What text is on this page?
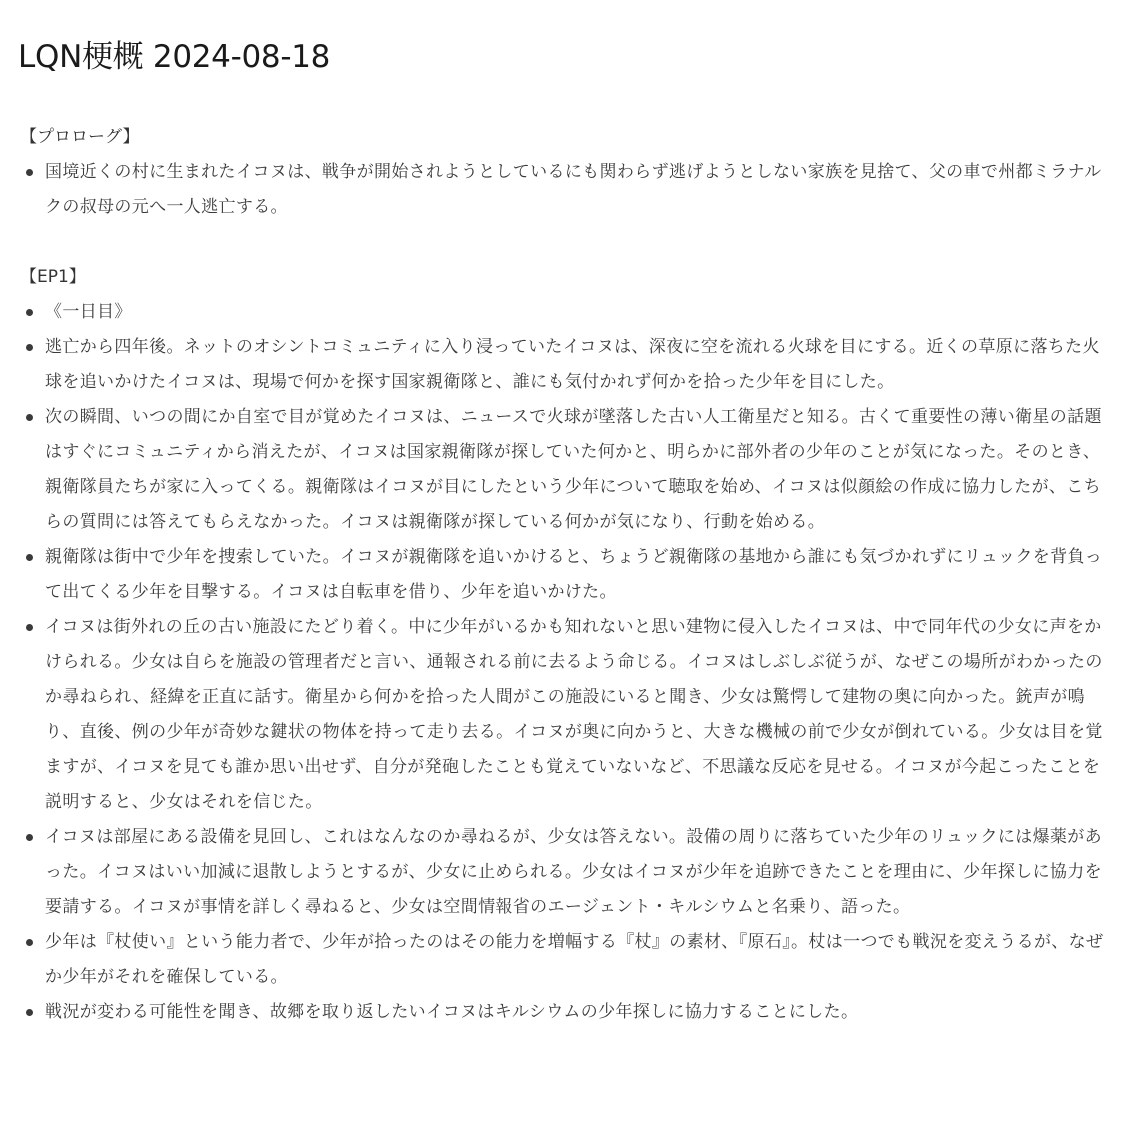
LQN梗概 2024-08-18

【プロローグ】

国境近くの村に生まれたイコヌは、戦争が開始されようとしているにも関わらず逃げようとしない家族を見捨て、父の車で州都ミラナルクの叔母の元へ一人逃亡する。

【EP1】

《一日目》
逃亡から四年後。ネットのオシントコミュニティに入り浸っていたイコヌは、深夜に空を流れる火球を目にする。近くの草原に落ちた火球を追いかけたイコヌは、現場で何かを探す国家親衛隊と、誰にも気付かれず何かを拾った少年を目にした。
次の瞬間、いつの間にか自室で目が覚めたイコヌは、ニュースで火球が墜落した古い人工衛星だと知る。古くて重要性の薄い衛星の話題はすぐにコミュニティから消えたが、イコヌは国家親衛隊が探していた何かと、明らかに部外者の少年のことが気になった。そのとき、親衛隊員たちが家に入ってくる。親衛隊はイコヌが目にしたという少年について聴取を始め、イコヌは似顔絵の作成に協力したが、こちらの質問には答えてもらえなかった。イコヌは親衛隊が探している何かが気になり、行動を始める。
親衛隊は街中で少年を捜索していた。イコヌが親衛隊を追いかけると、ちょうど親衛隊の基地から誰にも気づかれずにリュックを背負って出てくる少年を目撃する。イコヌは自転車を借り、少年を追いかけた。
イコヌは街外れの丘の古い施設にたどり着く。中に少年がいるかも知れないと思い建物に侵入したイコヌは、中で同年代の少女に声をかけられる。少女は自らを施設の管理者だと言い、通報される前に去るよう命じる。イコヌはしぶしぶ従うが、なぜこの場所がわかったのか尋ねられ、経緯を正直に話す。衛星から何かを拾った人間がこの施設にいると聞き、少女は驚愕して建物の奥に向かった。銃声が鳴り、直後、例の少年が奇妙な鍵状の物体を持って走り去る。イコヌが奥に向かうと、大きな機械の前で少女が倒れている。少女は目を覚ますが、イコヌを見ても誰か思い出せず、自分が発砲したことも覚えていないなど、不思議な反応を見せる。イコヌが今起こったことを説明すると、少女はそれを信じた。
イコヌは部屋にある設備を見回し、これはなんなのか尋ねるが、少女は答えない。設備の周りに落ちていた少年のリュックには爆薬があった。イコヌはいい加減に退散しようとするが、少女に止められる。少女はイコヌが少年を追跡できたことを理由に、少年探しに協力を要請する。イコヌが事情を詳しく尋ねると、少女は空間情報省のエージェント・キルシウムと名乗り、語った。
少年は『杖使い』という能力者で、少年が拾ったのはその能力を増幅する『杖』の素材、『原石』。杖は一つでも戦況を変えうるが、なぜか少年がそれを確保している。
戦況が変わる可能性を聞き、故郷を取り返したいイコヌはキルシウムの少年探しに協力することにした。
